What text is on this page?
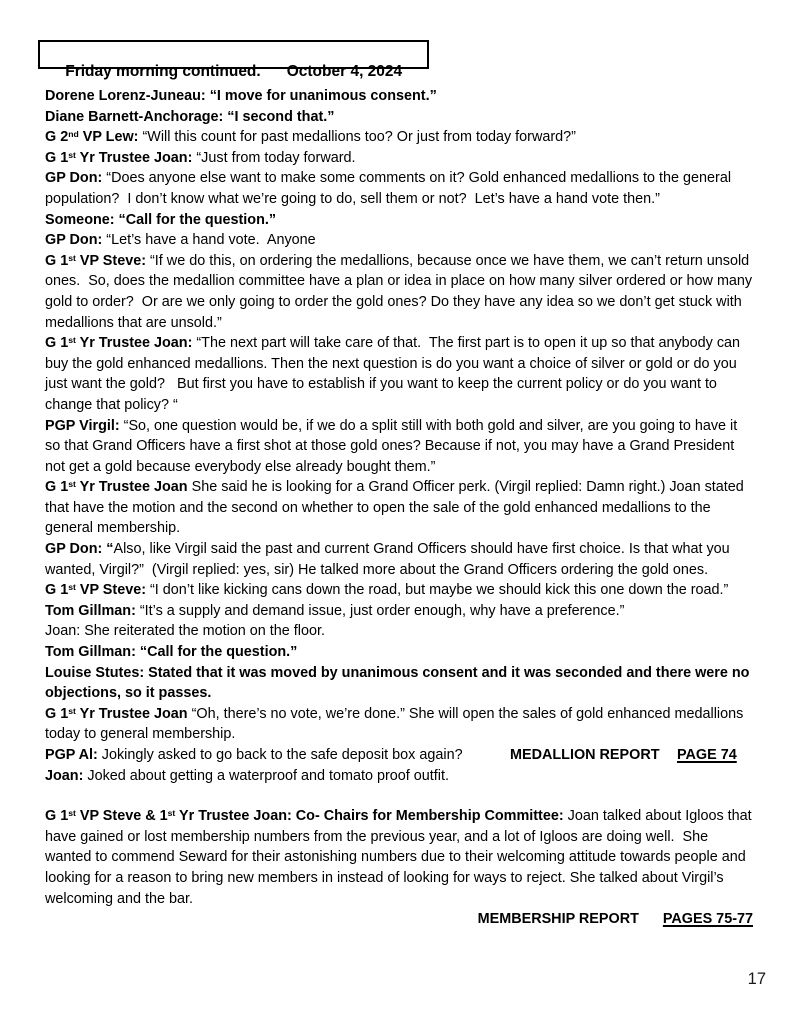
Friday morning continued. October 4, 2024

Dorene Lorenz-Juneau: “I move for unanimous consent.”
Diane Barnett-Anchorage: “I second that.”
G 2nd VP Lew: “Will this count for past medallions too? Or just from today forward?”
G 1st Yr Trustee Joan: “Just from today forward.
GP Don: “Does anyone else want to make some comments on it? Gold enhanced medallions to the general population?  I don’t know what we’re going to do, sell them or not?  Let’s have a hand vote then.”
Someone: “Call for the question.”
GP Don: “Let’s have a hand vote.  Anyone
G 1st VP Steve: “If we do this, on ordering the medallions, because once we have them, we can’t return unsold ones.  So, does the medallion committee have a plan or idea in place on how many silver ordered or how many gold to order?  Or are we only going to order the gold ones? Do they have any idea so we don’t get stuck with medallions that are unsold.”
G 1st Yr Trustee Joan: “The next part will take care of that.  The first part is to open it up so that anybody can buy the gold enhanced medallions. Then the next question is do you want a choice of silver or gold or do you just want the gold?   But first you have to establish if you want to keep the current policy or do you want to change that policy? “
PGP Virgil: “So, one question would be, if we do a split still with both gold and silver, are you going to have it so that Grand Officers have a first shot at those gold ones? Because if not, you may have a Grand President not get a gold because everybody else already bought them.”
G 1st Yr Trustee Joan She said he is looking for a Grand Officer perk. (Virgil replied: Damn right.) Joan stated that have the motion and the second on whether to open the sale of the gold enhanced medallions to the general membership.
GP Don: “Also, like Virgil said the past and current Grand Officers should have first choice. Is that what you wanted, Virgil?”  (Virgil replied: yes, sir) He talked more about the Grand Officers ordering the gold ones.
G 1st VP Steve: “I don’t like kicking cans down the road, but maybe we should kick this one down the road.”
Tom Gillman: “It’s a supply and demand issue, just order enough, why have a preference.”
Joan: She reiterated the motion on the floor.
Tom Gillman: “Call for the question.”
Louise Stutes: Stated that it was moved by unanimous consent and it was seconded and there were no objections, so it passes.
G 1st Yr Trustee Joan “Oh, there’s no vote, we’re done.” She will open the sales of gold enhanced medallions today to general membership.
PGP Al: Jokingly asked to go back to the safe deposit box again?	MEDALLION REPORT PAGE 74
Joan: Joked about getting a waterproof and tomato proof outfit.
G 1st VP Steve & 1st Yr Trustee Joan: Co- Chairs for Membership Committee: Joan talked about Igloos that have gained or lost membership numbers from the previous year, and a lot of Igloos are doing well.  She wanted to commend Seward for their astonishing numbers due to their welcoming attitude towards people and looking for a reason to bring new members in instead of looking for ways to reject. She talked about Virgil’s welcoming and the bar.
MEMBERSHIP REPORT PAGES 75-77
17
